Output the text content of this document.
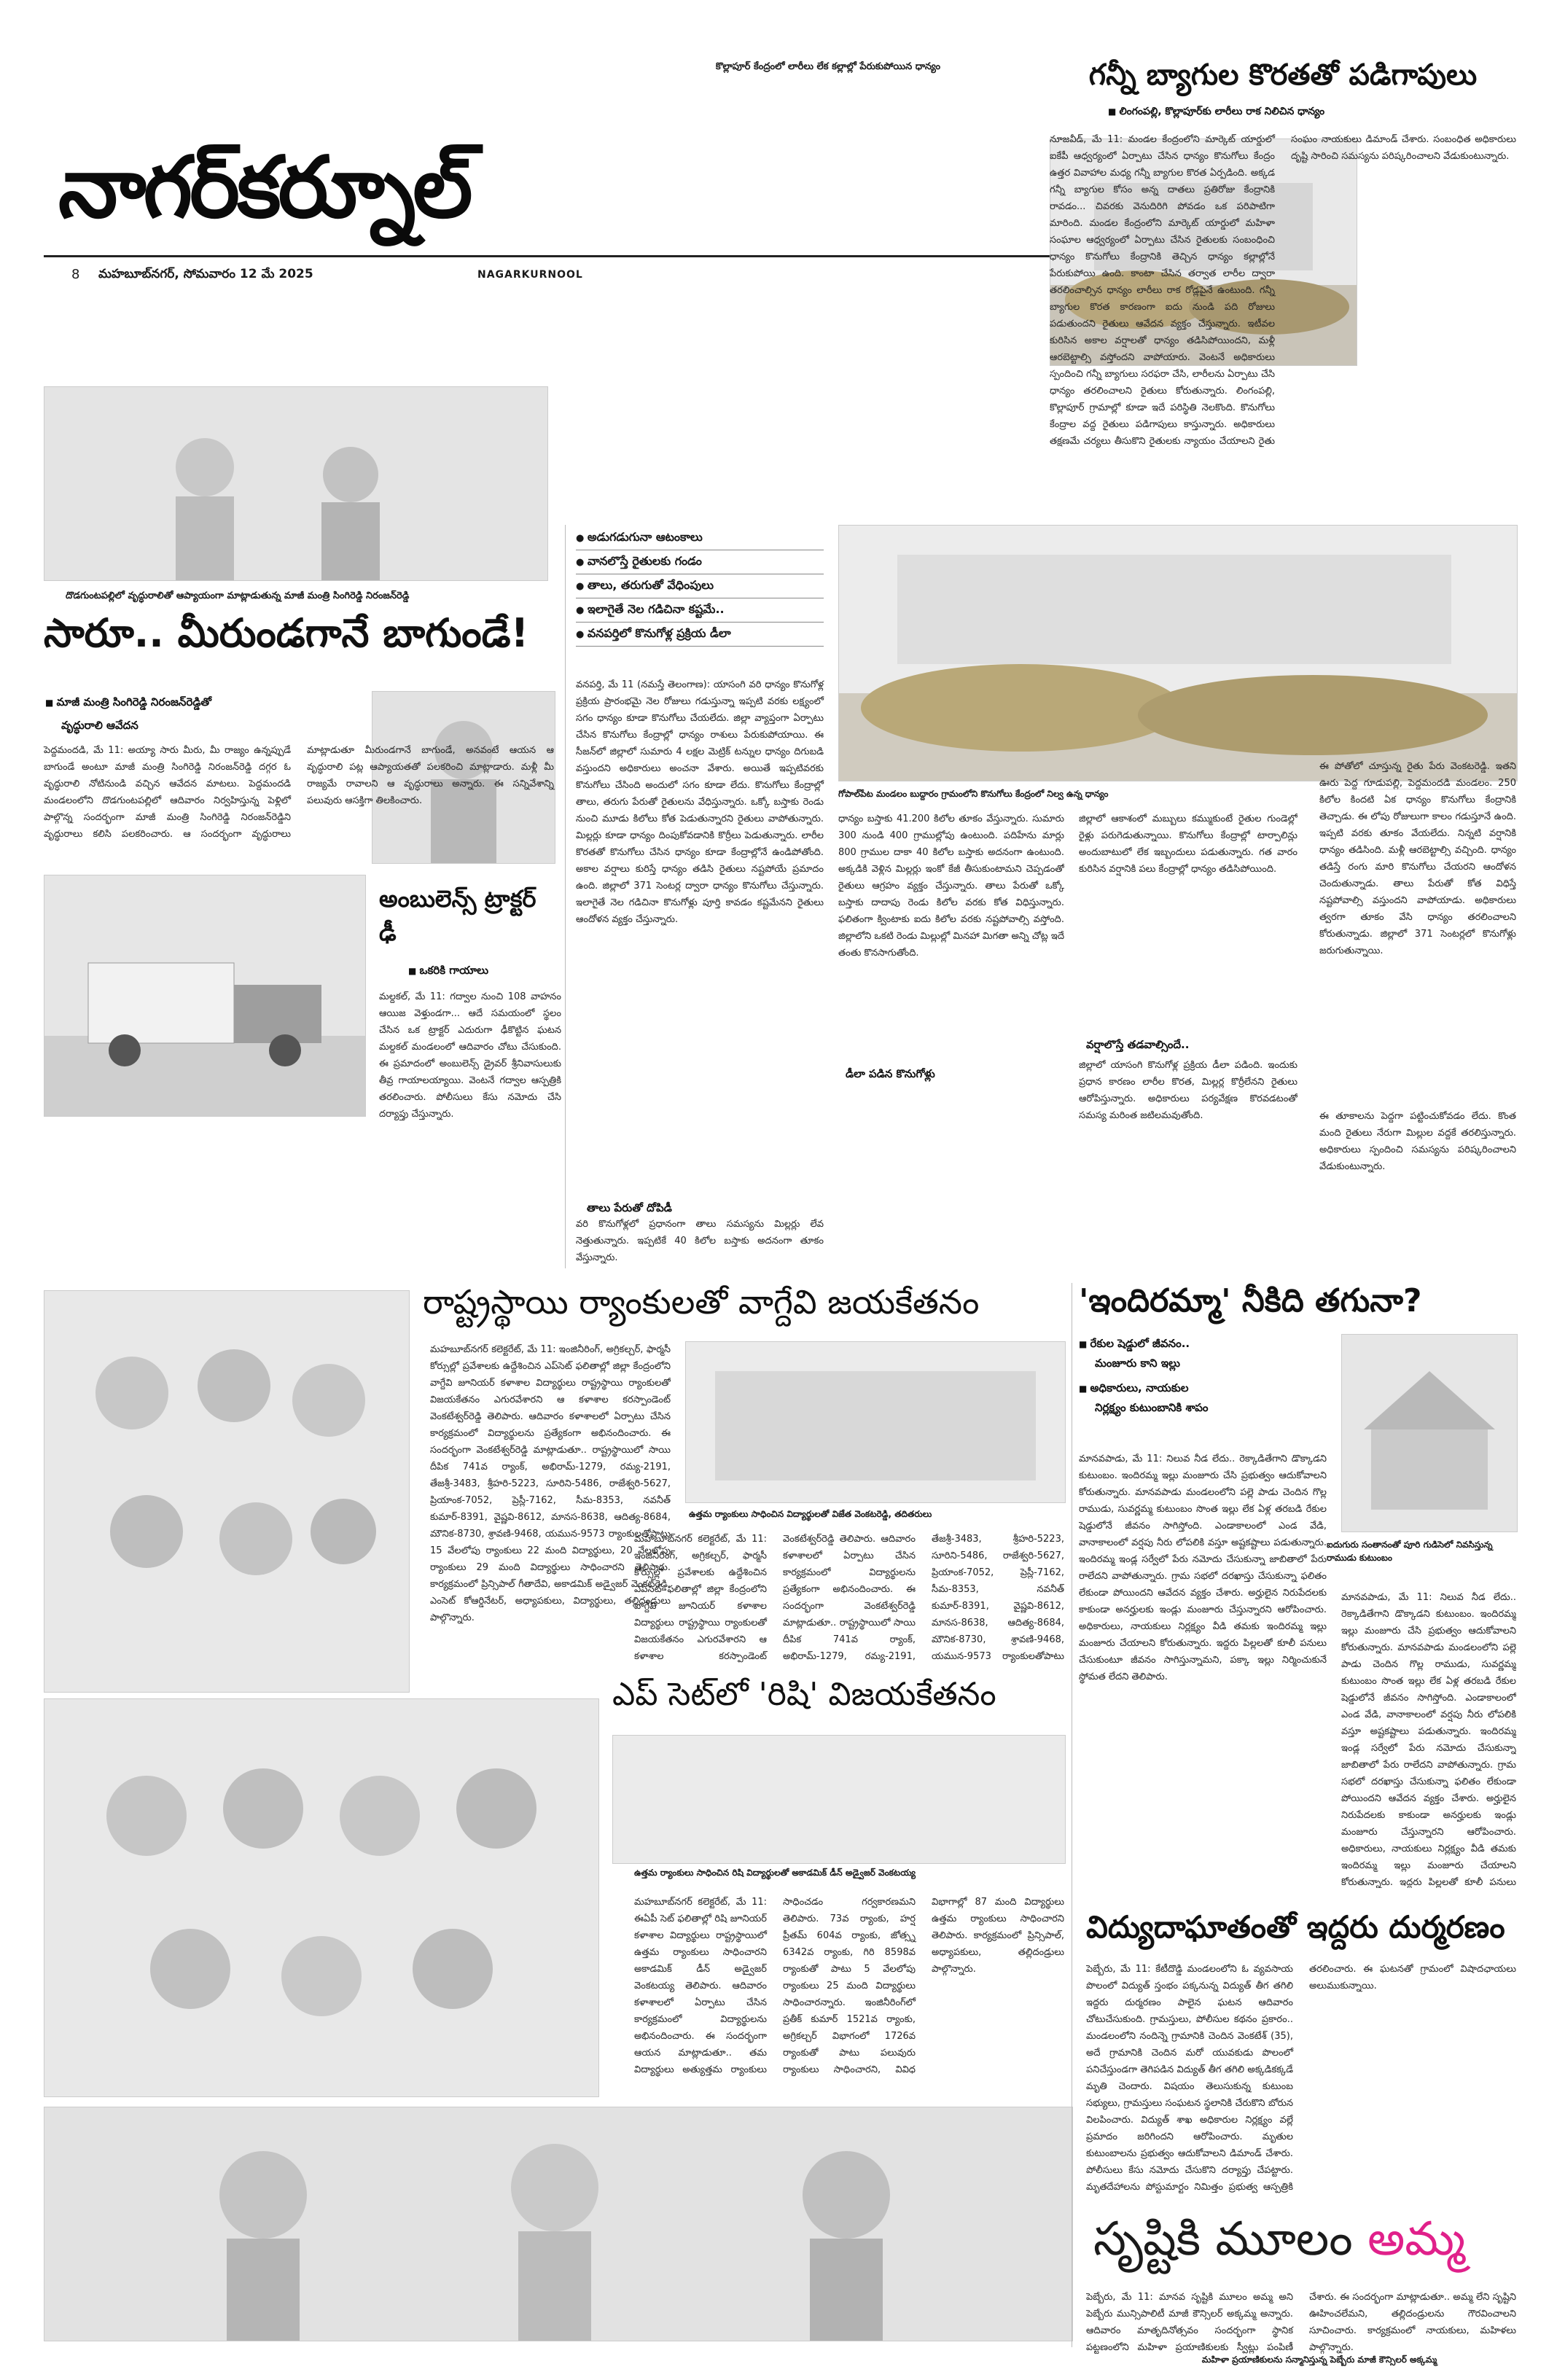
కొల్లాపూర్ కేంద్రంలో లారీలు లేక కల్లాల్లో పేరుకుపోయిన ధాన్యం
నాగర్‌కర్నూల్
8 మహబూబ్‌నగర్, సోమవారం 12 మే 2025	NAGARKURNOOL
గన్నీ బ్యాగుల కొరతతో పడిగాపులు
■ లింగంపల్లి, కొల్లాపూర్‌కు లారీలు రాక నిలిచిన ధాన్యం

నూజవీడ్, మే 11: మండల కేంద్రంలోని మార్కెట్ యార్డులో ఐకేపీ ఆధ్వర్యంలో ఏర్పాటు చేసిన ధాన్యం కొనుగోలు కేంద్రం ఉత్తర వివాహాల మధ్య గన్నీ బ్యాగుల కొరత ఏర్పడింది. అక్కడ గన్నీ బ్యాగుల కోసం అన్న దాతలు ప్రతిరోజు కేంద్రానికి రావడం... చివరకు వెనుదిరిగి పోవడం ఒక పరిపాటిగా మారింది. మండల కేంద్రంలోని మార్కెట్ యార్డులో మహిళా సంఘాల ఆధ్వర్యంలో ఏర్పాటు చేసిన రైతులకు సంబంధించి ధాన్యం కొనుగోలు కేంద్రానికి తెచ్చిన ధాన్యం కల్లాల్లోనే పేరుకుపోయి ఉంది. కాంటా చేసిన తర్వాత లారీల ద్వారా తరలించాల్సిన ధాన్యం లారీలు రాక రోడ్లపైనే ఉంటుంది. గన్నీ బ్యాగుల కొరత కారణంగా ఐదు నుండి పది రోజులు పడుతుందని రైతులు ఆవేదన వ్యక్తం చేస్తున్నారు. ఇటీవల కురిసిన అకాల వర్షాలతో ధాన్యం తడిసిపోయిందని, మళ్లీ ఆరబెట్టాల్సి వస్తోందని వాపోయారు. వెంటనే అధికారులు స్పందించి గన్నీ బ్యాగులు సరఫరా చేసి, లారీలను ఏర్పాటు చేసి ధాన్యం తరలించాలని రైతులు కోరుతున్నారు. లింగంపల్లి, కొల్లాపూర్ గ్రామాల్లో కూడా ఇదే పరిస్థితి నెలకొంది. కొనుగోలు కేంద్రాల వద్ద రైతులు పడిగాపులు కాస్తున్నారు. అధికారులు తక్షణమే చర్యలు తీసుకొని రైతులకు న్యాయం చేయాలని రైతు సంఘం నాయకులు డిమాండ్ చేశారు. సంబంధిత అధికారులు దృష్టి సారించి సమస్యను పరిష్కరించాలని వేడుకుంటున్నారు.

దొడగుంటపల్లిలో వృద్ధురాలితో ఆప్యాయంగా మాట్లాడుతున్న మాజీ మంత్రి సింగిరెడ్డి నిరంజన్‌రెడ్డి
సారూ.. మీరుండగానే బాగుండే!
■ మాజీ మంత్రి సింగిరెడ్డి నిరంజన్‌రెడ్డితో
వృద్ధురాలి ఆవేదన

పెద్దమందడి, మే 11: అయ్యా సారు మీరు, మీ రాజ్యం ఉన్నప్పుడే బాగుండే అంటూ మాజీ మంత్రి సింగిరెడ్డి నిరంజన్‌రెడ్డి దగ్గర ఓ వృద్ధురాలి నోటినుండి వచ్చిన ఆవేదన మాటలు. పెద్దమందడి మండలంలోని దొడగుంటపల్లిలో ఆదివారం నిర్వహిస్తున్న పెళ్లిలో పాల్గొన్న సందర్భంగా మాజీ మంత్రి సింగిరెడ్డి నిరంజన్‌రెడ్డిని వృద్ధురాలు కలిసి పలకరించారు. ఆ సందర్భంగా వృద్ధురాలు మాట్లాడుతూ మీరుండగానే బాగుండే, అనవంటే ఆయన ఆ వృద్ధురాలి పట్ల ఆప్యాయతతో పలకరించి మాట్లాడారు. మళ్లీ మీ రాజ్యమే రావాలని ఆ వృద్ధురాలు అన్నారు. ఈ సన్నివేశాన్ని పలువురు ఆసక్తిగా తిలకించారు.

అంబులెన్స్‌ ట్రాక్టర్ ఢీ
■ ఒకరికి గాయాలు

మల్దకల్, మే 11: గద్వాల నుంచి 108 వాహనం ఆయిజ వెళ్తుండగా... ఆదే సమయంలో స్థలం చేసిన ఒక ట్రాక్టర్ ఎదురుగా ఢీకొట్టిన ఘటన మల్దకల్ మండలంలో ఆదివారం చోటు చేసుకుంది. ఈ ప్రమాదంలో అంబులెన్స్ డ్రైవర్ శ్రీనివాసులుకు తీవ్ర గాయాలయ్యాయి. వెంటనే గద్వాల ఆస్పత్రికి తరలించారు. పోలీసులు కేసు నమోదు చేసి దర్యాప్తు చేస్తున్నారు.

● అడుగడుగునా ఆటంకాలు
● వానలొస్తే రైతులకు గండం
● తాలు, తరుగుతో వేధింపులు
● ఇలాగైతే నెల గడిచినా కష్టమే..
● వనపర్తిలో కొనుగోళ్ల ప్రక్రియ డీలా

వనపర్తి, మే 11 (నమస్తే తెలంగాణ): యాసంగి వరి ధాన్యం కొనుగోళ్ల ప్రక్రియ ప్రారంభమై నెల రోజులు గడుస్తున్నా ఇప్పటి వరకు లక్ష్యంలో సగం ధాన్యం కూడా కొనుగోలు చేయలేదు. జిల్లా వ్యాప్తంగా ఏర్పాటు చేసిన కొనుగోలు కేంద్రాల్లో ధాన్యం రాశులు పేరుకుపోయాయి. ఈ సీజన్‌లో జిల్లాలో సుమారు 4 లక్షల మెట్రిక్ టన్నుల ధాన్యం దిగుబడి వస్తుందని అధికారులు అంచనా వేశారు. అయితే ఇప్పటివరకు కొనుగోలు చేసింది అందులో సగం కూడా లేదు. కొనుగోలు కేంద్రాల్లో తాలు, తరుగు పేరుతో రైతులను వేధిస్తున్నారు. ఒక్కో బస్తాకు రెండు నుంచి మూడు కిలోలు కోత పెడుతున్నారని రైతులు వాపోతున్నారు. మిల్లర్లు కూడా ధాన్యం దింపుకోవడానికి కొర్రీలు పెడుతున్నారు. లారీల కొరతతో కొనుగోలు చేసిన ధాన్యం కూడా కేంద్రాల్లోనే ఉండిపోతోంది. అకాల వర్షాలు కురిస్తే ధాన్యం తడిసి రైతులు నష్టపోయే ప్రమాదం ఉంది. జిల్లాలో 371 సెంటర్ల ద్వారా ధాన్యం కొనుగోలు చేస్తున్నారు. ఇలాగైతే నెల గడిచినా కొనుగోళ్లు పూర్తి కావడం కష్టమేనని రైతులు ఆందోళన వ్యక్తం చేస్తున్నారు.

తాలు పేరుతో దోపిడీ

వరి కొనుగోళ్లలో ప్రధానంగా తాలు సమస్యను మిల్లర్లు లేవ నెత్తుతున్నారు. ఇప్పటికే 40 కిలోల బస్తాకు అదనంగా తూకం వేస్తున్నారు.

గోపాల్‌పేట మండలం బుద్దారం గ్రామంలోని కొనుగోలు కేంద్రంలో నిల్వ ఉన్న ధాన్యం

ధాన్యం బస్తాకు 41.200 కిలోల తూకం వేస్తున్నారు. సుమారు 300 నుండి 400 గ్రాముల్లోపు ఉంటుంది. పదిహేను మార్లు 800 గ్రాముల దాకా 40 కిలోల బస్తాకు అదనంగా ఉంటుంది. అక్కడికి వెళ్లిన మిల్లర్లు ఇంకో కేజీ తీసుకుంటామని చెప్పడంతో రైతులు ఆగ్రహం వ్యక్తం చేస్తున్నారు. తాలు పేరుతో ఒక్కో బస్తాకు దాదాపు రెండు కిలోల వరకు కోత విధిస్తున్నారు. ఫలితంగా క్వింటాకు ఐదు కిలోల వరకు నష్టపోవాల్సి వస్తోంది. జిల్లాలోని ఒకటి రెండు మిల్లుల్లో మినహా మిగతా అన్ని చోట్ల ఇదే తంతు కొనసాగుతోంది.

వర్షాలొస్తే తడవాల్సిందే..

జిల్లాలో ఆకాశంలో మబ్బులు కమ్ముకుంటే రైతుల గుండెల్లో రైళ్లు పరుగెడుతున్నాయి. కొనుగోలు కేంద్రాల్లో టార్పాలిన్లు అందుబాటులో లేక ఇబ్బందులు పడుతున్నారు. గత వారం కురిసిన వర్షానికి పలు కేంద్రాల్లో ధాన్యం తడిసిపోయింది.

డీలా పడిన కొనుగోళ్లు

జిల్లాలో యాసంగి కొనుగోళ్ల ప్రక్రియ డీలా పడింది. ఇందుకు ప్రధాన కారణం లారీల కొరత, మిల్లర్ల కొర్రీలేనని రైతులు ఆరోపిస్తున్నారు. అధికారులు పర్యవేక్షణ కొరవడటంతో సమస్య మరింత జటిలమవుతోంది.

ఈ పోతోలో చూస్తున్న రైతు పేరు వెంకటరెడ్డి. ఇతని ఊరు పెద్ద గూడుపల్లి, పెద్దమందడి మండలం. 250 కిలోల కిందటి ఏక ధాన్యం కొనుగోలు కేంద్రానికి తెచ్చాడు. ఈ లోపు రోజులుగా కాలం గడుస్తూనే ఉంది. ఇప్పటి వరకు తూకం వేయలేదు. నిన్నటి వర్షానికి ధాన్యం తడిసింది. మళ్లీ ఆరబెట్టాల్సి వచ్చింది. ధాన్యం తడిస్తే రంగు మారి కొనుగోలు చేయరని ఆందోళన చెందుతున్నాడు. తాలు పేరుతో కోత విధిస్తే నష్టపోవాల్సి వస్తుందని వాపోయాడు. అధికారులు త్వరగా తూకం వేసి ధాన్యం తరలించాలని కోరుతున్నాడు. జిల్లాలో 371 సెంటర్లలో కొనుగోళ్లు జరుగుతున్నాయి.

ఈ తూకాలను పెద్దగా పట్టించుకోవడం లేదు. కొంత మంది రైతులు నేరుగా మిల్లుల వద్దకే తరలిస్తున్నారు. అధికారులు స్పందించి సమస్యను పరిష్కరించాలని వేడుకుంటున్నారు.

రాష్ట్రస్థాయి ర్యాంకులతో వాగ్దేవి జయకేతనం

మహబూబ్‌నగర్ కలెక్టరేట్, మే 11: ఇంజినీరింగ్, అగ్రికల్చర్, ఫార్మసీ కోర్సుల్లో ప్రవేశాలకు ఉద్దేశించిన ఎప్‌సెట్ ఫలితాల్లో జిల్లా కేంద్రంలోని వాగ్దేవి జూనియర్ కళాశాల విద్యార్థులు రాష్ట్రస్థాయి ర్యాంకులతో విజయకేతనం ఎగురవేశారని ఆ కళాశాల కరస్పాండెంట్ వెంకటేశ్వర్‌రెడ్డి తెలిపారు. ఆదివారం కళాశాలలో ఏర్పాటు చేసిన కార్యక్రమంలో విద్యార్థులను ప్రత్యేకంగా అభినందించారు. ఈ సందర్భంగా వెంకటేశ్వర్‌రెడ్డి మాట్లాడుతూ.. రాష్ట్రస్థాయిలో సాయి దీపిక 741వ ర్యాంక్, అభిరామ్-1279, రమ్య-2191, తేజశ్రీ-3483, శ్రీహరి-5223, సూరిని-5486, రాజేశ్వరి-5627, ప్రియాంక-7052, ప్రెస్లీ-7162, సీమ-8353, నవనీత్ కుమార్-8391, వైష్ణవి-8612, మానస-8638, ఆదిత్య-8684, మౌనిక-8730, శ్రావణి-9468, యమున-9573 ర్యాంకులతోపాటు 15 వేలలోపు ర్యాంకులు 22 మంది విద్యార్థులు, 20 వేలలోపు ర్యాంకులు 29 మంది విద్యార్థులు సాధించారని తెలిపారు. కార్యక్రమంలో ప్రిన్సిపాల్ గీతాదేవి, అకాడమిక్ అడ్వైజర్ వెంకట్‌రెడ్డి, ఎంసెట్ కోఆర్డినేటర్, అధ్యాపకులు, విద్యార్థులు, తల్లిదండ్రులు పాల్గొన్నారు.

ఉత్తమ ర్యాంకులు సాధించిన విద్యార్థులతో విజేత వెంకటరెడ్డి, తదితరులు

మహబూబ్‌నగర్ కలెక్టరేట్, మే 11: ఇంజినీరింగ్, అగ్రికల్చర్, ఫార్మసీ కోర్సుల్లో ప్రవేశాలకు ఉద్దేశించిన ఎప్‌సెట్ ఫలితాల్లో జిల్లా కేంద్రంలోని వాగ్దేవి జూనియర్ కళాశాల విద్యార్థులు రాష్ట్రస్థాయి ర్యాంకులతో విజయకేతనం ఎగురవేశారని ఆ కళాశాల కరస్పాండెంట్ వెంకటేశ్వర్‌రెడ్డి తెలిపారు. ఆదివారం కళాశాలలో ఏర్పాటు చేసిన కార్యక్రమంలో విద్యార్థులను ప్రత్యేకంగా అభినందించారు. ఈ సందర్భంగా వెంకటేశ్వర్‌రెడ్డి మాట్లాడుతూ.. రాష్ట్రస్థాయిలో సాయి దీపిక 741వ ర్యాంక్, అభిరామ్-1279, రమ్య-2191, తేజశ్రీ-3483, శ్రీహరి-5223, సూరిని-5486, రాజేశ్వరి-5627, ప్రియాంక-7052, ప్రెస్లీ-7162, సీమ-8353, నవనీత్ కుమార్-8391, వైష్ణవి-8612, మానస-8638, ఆదిత్య-8684, మౌనిక-8730, శ్రావణి-9468, యమున-9573 ర్యాంకులతోపాటు

'ఇందిరమ్మా' నీకిది తగునా?
■ రేకుల షెడ్డులో జీవనం..
మంజూరు కాని ఇల్లు
■ అధికారులు, నాయకుల
నిర్లక్ష్యం కుటుంబానికి శాపం
ఐదుగురు సంతానంతో పూరి గుడిసెలో నివసిస్తున్న రాముడు కుటుంబం

మానవపాడు, మే 11: నిలువ నీడ లేదు.. రెక్కాడితేగాని డొక్కాడని కుటుంబం. ఇందిరమ్మ ఇల్లు మంజూరు చేసి ప్రభుత్వం ఆదుకోవాలని కోరుతున్నారు. మానవపాడు మండలంలోని పల్లె పాడు చెందిన గొల్ల రాముడు, సువర్ణమ్మ కుటుంబం సొంత ఇల్లు లేక ఏళ్ల తరబడి రేకుల షెడ్డులోనే జీవనం సాగిస్తోంది. ఎండాకాలంలో ఎండ వేడి, వానాకాలంలో వర్షపు నీరు లోపలికి వస్తూ అష్టకష్టాలు పడుతున్నారు. ఇందిరమ్మ ఇండ్ల సర్వేలో పేరు నమోదు చేసుకున్నా జాబితాలో పేరు రాలేదని వాపోతున్నారు. గ్రామ సభలో దరఖాస్తు చేసుకున్నా ఫలితం లేకుండా పోయిందని ఆవేదన వ్యక్తం చేశారు. అర్హులైన నిరుపేదలకు కాకుండా అనర్హులకు ఇండ్లు మంజూరు చేస్తున్నారని ఆరోపించారు. అధికారులు, నాయకులు నిర్లక్ష్యం వీడి తమకు ఇందిరమ్మ ఇల్లు మంజూరు చేయాలని కోరుతున్నారు. ఇద్దరు పిల్లలతో కూలీ పనులు చేసుకుంటూ జీవనం సాగిస్తున్నామని, పక్కా ఇల్లు నిర్మించుకునే స్థోమత లేదని తెలిపారు.

మానవపాడు, మే 11: నిలువ నీడ లేదు.. రెక్కాడితేగాని డొక్కాడని కుటుంబం. ఇందిరమ్మ ఇల్లు మంజూరు చేసి ప్రభుత్వం ఆదుకోవాలని కోరుతున్నారు. మానవపాడు మండలంలోని పల్లె పాడు చెందిన గొల్ల రాముడు, సువర్ణమ్మ కుటుంబం సొంత ఇల్లు లేక ఏళ్ల తరబడి రేకుల షెడ్డులోనే జీవనం సాగిస్తోంది. ఎండాకాలంలో ఎండ వేడి, వానాకాలంలో వర్షపు నీరు లోపలికి వస్తూ అష్టకష్టాలు పడుతున్నారు. ఇందిరమ్మ ఇండ్ల సర్వేలో పేరు నమోదు చేసుకున్నా జాబితాలో పేరు రాలేదని వాపోతున్నారు. గ్రామ సభలో దరఖాస్తు చేసుకున్నా ఫలితం లేకుండా పోయిందని ఆవేదన వ్యక్తం చేశారు. అర్హులైన నిరుపేదలకు కాకుండా అనర్హులకు ఇండ్లు మంజూరు చేస్తున్నారని ఆరోపించారు. అధికారులు, నాయకులు నిర్లక్ష్యం వీడి తమకు ఇందిరమ్మ ఇల్లు మంజూరు చేయాలని కోరుతున్నారు. ఇద్దరు పిల్లలతో కూలీ పనులు

ఎప్ సెట్‌లో 'రిషి' విజయకేతనం
ఉత్తమ ర్యాంకులు సాధించిన రిషి విద్యార్థులతో అకాడమిక్ డీన్ అడ్వైజర్ వెంకటయ్య

మహబూబ్‌నగర్ కలెక్టరేట్, మే 11: ఈఏపీ సెట్ ఫలితాల్లో రిషి జూనియర్ కళాశాల విద్యార్థులు రాష్ట్రస్థాయిలో ఉత్తమ ర్యాంకులు సాధించారని అకాడమిక్ డీన్ అడ్వైజర్ వెంకటయ్య తెలిపారు. ఆదివారం కళాశాలలో ఏర్పాటు చేసిన కార్యక్రమంలో విద్యార్థులను అభినందించారు. ఈ సందర్భంగా ఆయన మాట్లాడుతూ.. తమ విద్యార్థులు అత్యుత్తమ ర్యాంకులు సాధించడం గర్వకారణమని తెలిపారు. 73వ ర్యాంకు, హర్ష ప్రీతమ్ 604వ ర్యాంకు, జోత్స్న 6342వ ర్యాంకు, గిరి 8598వ ర్యాంకుతో పాటు 5 వేలలోపు ర్యాంకులు 25 మంది విద్యార్థులు సాధించారన్నారు. ఇంజినీరింగ్‌లో ప్రతీక్ కుమార్ 1521వ ర్యాంకు, అగ్రికల్చర్ విభాగంలో 1726వ ర్యాంకుతో పాటు పలువురు ర్యాంకులు సాధించారని, వివిధ విభాగాల్లో 87 మంది విద్యార్థులు ఉత్తమ ర్యాంకులు సాధించారని తెలిపారు. కార్యక్రమంలో ప్రిన్సిపాల్, అధ్యాపకులు, తల్లిదండ్రులు పాల్గొన్నారు.

విద్యుదాఘాతంతో ఇద్దరు దుర్మరణం

పెబ్బేరు, మే 11: కేటీదొడ్డి మండలంలోని ఓ వ్యవసాయ పొలంలో విద్యుత్ స్తంభం పక్కనున్న విద్యుత్ తీగ తగిలి ఇద్దరు దుర్మరణం పాలైన ఘటన ఆదివారం చోటుచేసుకుంది. గ్రామస్తులు, పోలీసుల కథనం ప్రకారం.. మండలంలోని నందిన్నె గ్రామానికి చెందిన వెంకటేశ్ (35), అదే గ్రామానికి చెందిన మరో యువకుడు పొలంలో పనిచేస్తుండగా తెగిపడిన విద్యుత్ తీగ తగిలి అక్కడికక్కడే మృతి చెందారు. విషయం తెలుసుకున్న కుటుంబ సభ్యులు, గ్రామస్తులు సంఘటన స్థలానికి చేరుకొని బోరున విలపించారు. విద్యుత్ శాఖ అధికారుల నిర్లక్ష్యం వల్లే ప్రమాదం జరిగిందని ఆరోపించారు. మృతుల కుటుంబాలను ప్రభుత్వం ఆదుకోవాలని డిమాండ్ చేశారు. పోలీసులు కేసు నమోదు చేసుకొని దర్యాప్తు చేపట్టారు. మృతదేహాలను పోస్టుమార్టం నిమిత్తం ప్రభుత్వ ఆస్పత్రికి తరలించారు. ఈ ఘటనతో గ్రామంలో విషాదఛాయలు అలుముకున్నాయి.

సృష్టికి మూలం అమ్మ

పెబ్బేరు, మే 11: మానవ సృష్టికి మూలం అమ్మ అని పెబ్బేరు మున్సిపాలిటీ మాజీ కౌన్సిలర్ అక్కమ్మ అన్నారు. ఆదివారం మాతృదినోత్సవం సందర్భంగా స్థానిక పట్టణంలోని మహిళా ప్రయాణికులకు స్వీట్లు పంపిణీ చేశారు. ఈ సందర్భంగా మాట్లాడుతూ.. అమ్మ లేని సృష్టిని ఊహించలేమని, తల్లిదండ్రులను గౌరవించాలని సూచించారు. కార్యక్రమంలో నాయకులు, మహిళలు పాల్గొన్నారు.

మహిళా ప్రయాణికులను సన్మానిస్తున్న పెబ్బేరు మాజీ కౌన్సిలర్ అక్కమ్మ
